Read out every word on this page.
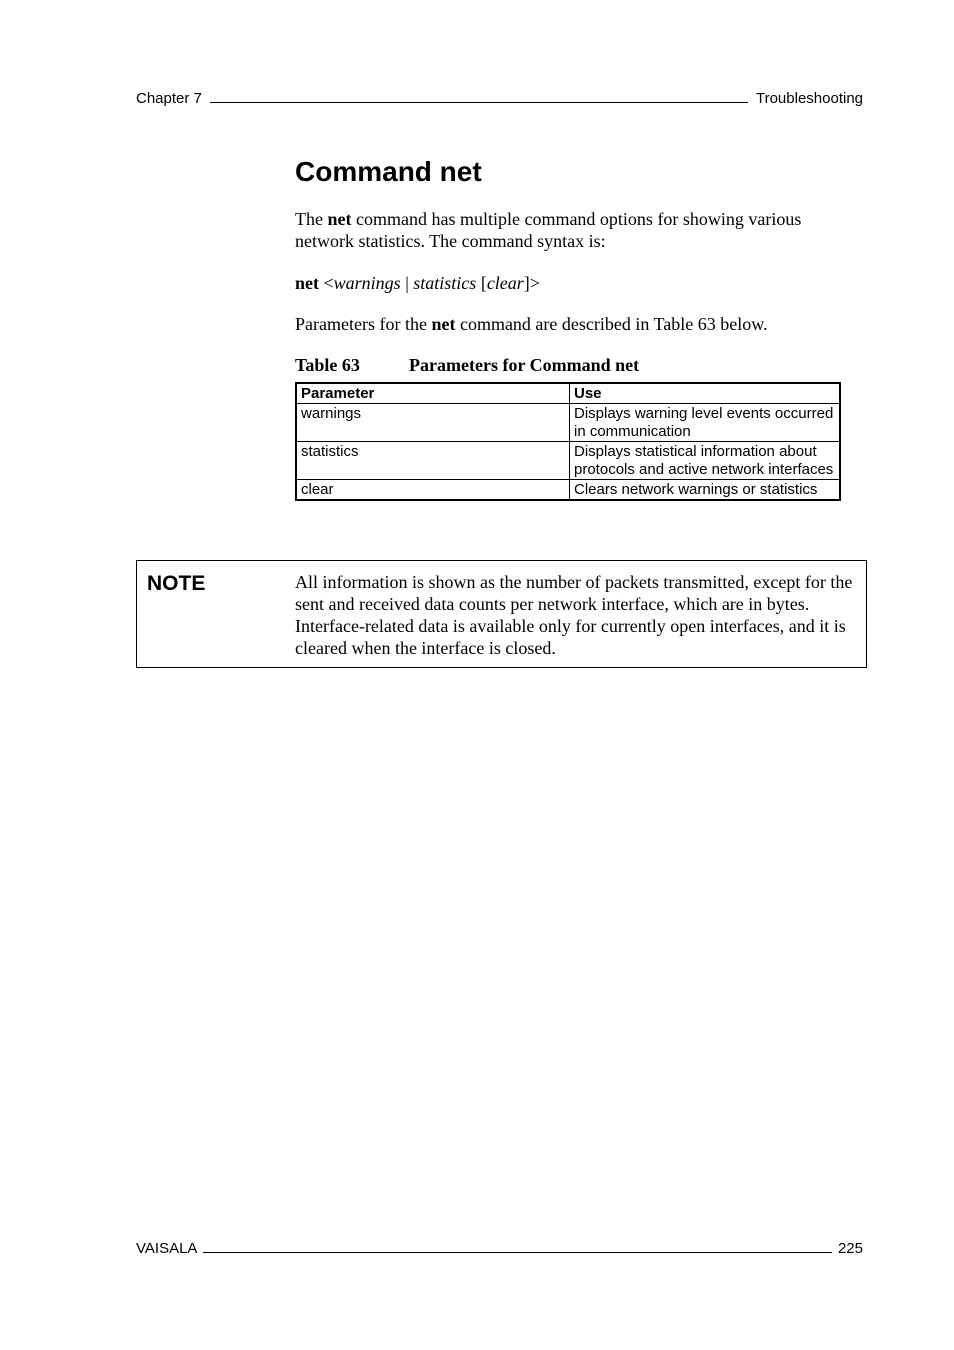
Chapter 7	Troubleshooting
Command net

The net command has multiple command options for showing various network statistics. The command syntax is:

net <warnings | statistics [clear]>

Parameters for the net command are described in Table 63 below.

Table 63	Parameters for Command net
Parameter	Use
warnings	Displays warning level events occurred in communication
statistics	Displays statistical information about protocols and active network interfaces
clear	Clears network warnings or statistics
NOTE	All information is shown as the number of packets transmitted, except for the sent and received data counts per network interface, which are in bytes. Interface-related data is available only for currently open interfaces, and it is cleared when the interface is closed.
VAISALA	225
